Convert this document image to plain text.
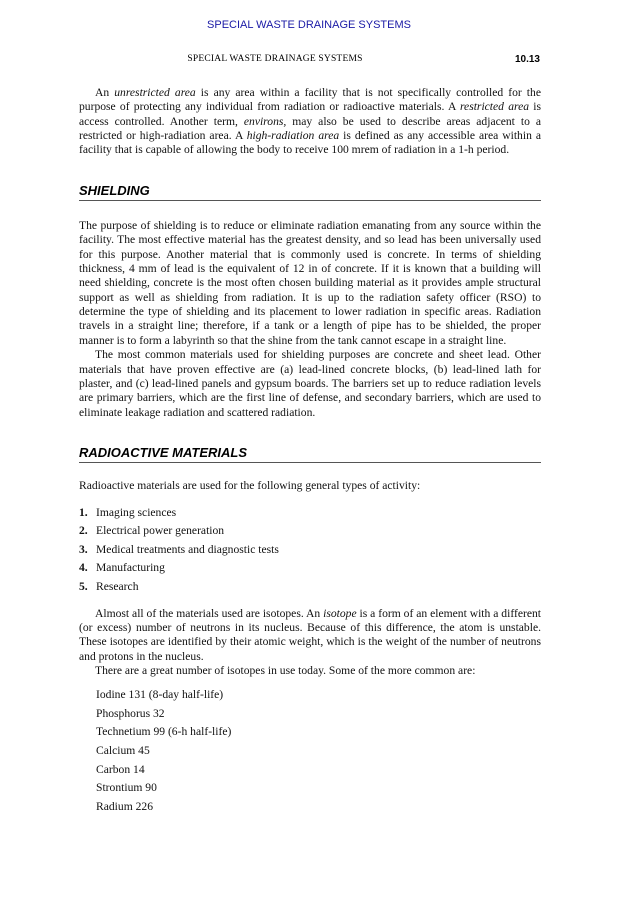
SPECIAL WASTE DRAINAGE SYSTEMS
SPECIAL WASTE DRAINAGE SYSTEMS	10.13

An unrestricted area is any area within a facility that is not specifically controlled for the purpose of protecting any individual from radiation or radioactive materials. A restricted area is access controlled. Another term, environs, may also be used to describe areas adjacent to a restricted or high-radiation area. A high-radiation area is defined as any accessible area within a facility that is capable of allowing the body to receive 100 mrem of radiation in a 1-h period.

SHIELDING

The purpose of shielding is to reduce or eliminate radiation emanating from any source within the facility. The most effective material has the greatest density, and so lead has been universally used for this purpose. Another material that is commonly used is concrete. In terms of shielding thickness, 4 mm of lead is the equivalent of 12 in of concrete. If it is known that a building will need shielding, concrete is the most often chosen building material as it provides ample structural support as well as shielding from radiation. It is up to the radiation safety officer (RSO) to determine the type of shielding and its placement to lower radiation in specific areas. Radiation travels in a straight line; therefore, if a tank or a length of pipe has to be shielded, the proper manner is to form a labyrinth so that the shine from the tank cannot escape in a straight line.

The most common materials used for shielding purposes are concrete and sheet lead. Other materials that have proven effective are (a) lead-lined concrete blocks, (b) lead-lined lath for plaster, and (c) lead-lined panels and gypsum boards. The barriers set up to reduce radiation levels are primary barriers, which are the first line of defense, and secondary barriers, which are used to eliminate leakage radiation and scattered radiation.

RADIOACTIVE MATERIALS

Radioactive materials are used for the following general types of activity:

1. Imaging sciences
2. Electrical power generation
3. Medical treatments and diagnostic tests
4. Manufacturing
5. Research

Almost all of the materials used are isotopes. An isotope is a form of an element with a different (or excess) number of neutrons in its nucleus. Because of this difference, the atom is unstable. These isotopes are identified by their atomic weight, which is the weight of the number of neutrons and protons in the nucleus.

There are a great number of isotopes in use today. Some of the more common are:

Iodine 131 (8-day half-life)
Phosphorus 32
Technetium 99 (6-h half-life)
Calcium 45
Carbon 14
Strontium 90
Radium 226
